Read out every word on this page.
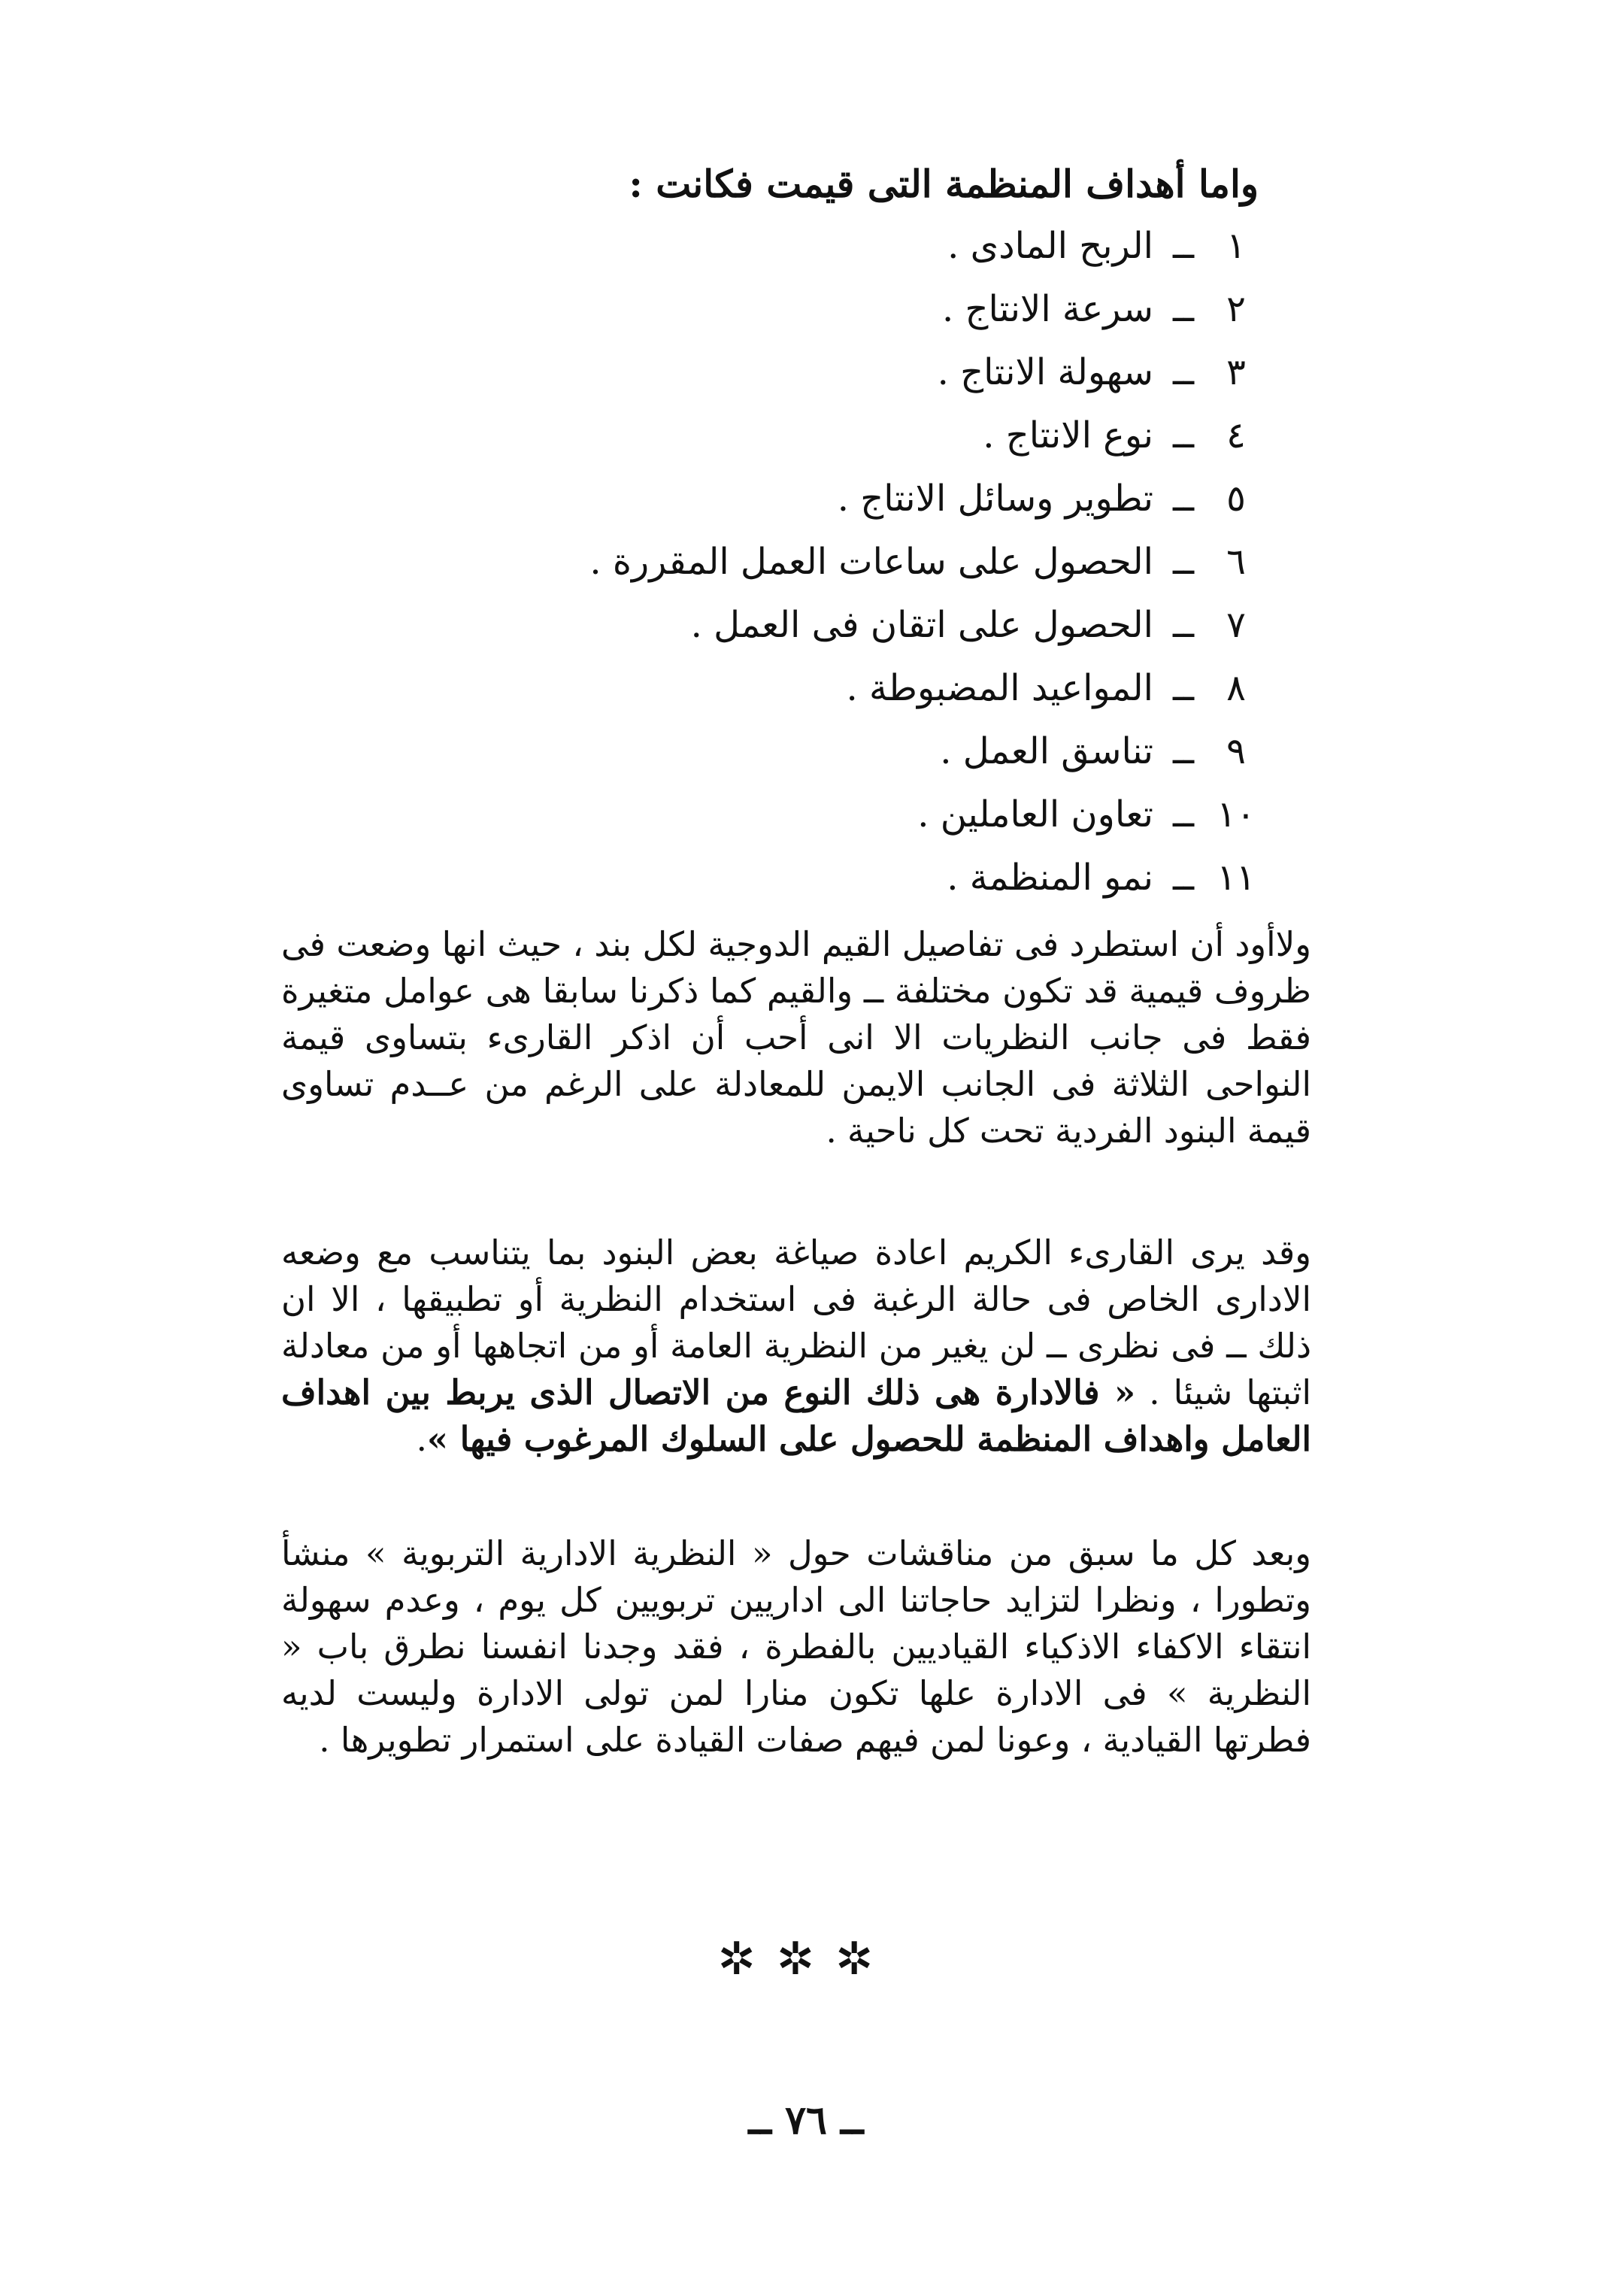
واما أهداف المنظمة التى قيمت فكانت :
١
ــ
الربح المادى .
٢
ــ
سرعة الانتاج .
٣
ــ
سهولة الانتاج .
٤
ــ
نوع الانتاج .
٥
ــ
تطوير وسائل الانتاج .
٦
ــ
الحصول على ساعات العمل المقررة .
٧
ــ
الحصول على اتقان فى العمل .
٨
ــ
المواعيد المضبوطة .
٩
ــ
تناسق العمل .
١٠
ــ
تعاون العاملين .
١١
ــ
نمو المنظمة .

ولاأود أن استطرد فى تفاصيل القيم الدوجية لكل بند ، حيث انها وضعت فى ظروف قيمية قد تكون مختلفة ــ والقيم كما ذكرنا سابقا هى عوامل متغيرة فقط فى جانب النظريات الا انى أحب أن اذكر القارىء بتساوى قيمة النواحى الثلاثة فى الجانب الايمن للمعادلة على الرغم من عــدم تساوى قيمة البنود الفردية تحت كل ناحية .

وقد يرى القارىء الكريم اعادة صياغة بعض البنود بما يتناسب مع وضعه الادارى الخاص فى حالة الرغبة فى استخدام النظرية أو تطبيقها ، الا ان ذلك ــ فى نظرى ــ لن يغير من النظرية العامة أو من اتجاهها أو من معادلة اثبتها شيئا . « فالادارة هى ذلك النوع من الاتصال الذى يربط بين اهداف العامل واهداف المنظمة للحصول على السلوك المرغوب فيها ».

وبعد كل ما سبق من مناقشات حول « النظرية الادارية التربوية » منشأ وتطورا ، ونظرا لتزايد حاجاتنا الى اداريين تربويين كل يوم ، وعدم سهولة انتقاء الاكفاء الاذكياء القياديين بالفطرة ، فقد وجدنا انفسنا نطرق باب « النظرية » فى الادارة علها تكون منارا لمن تولى الادارة وليست لديه فطرتها القيادية ، وعونا لمن فيهم صفات القيادة على استمرار تطويرها .

✲✲✲
ــ ٧٦ ــ
